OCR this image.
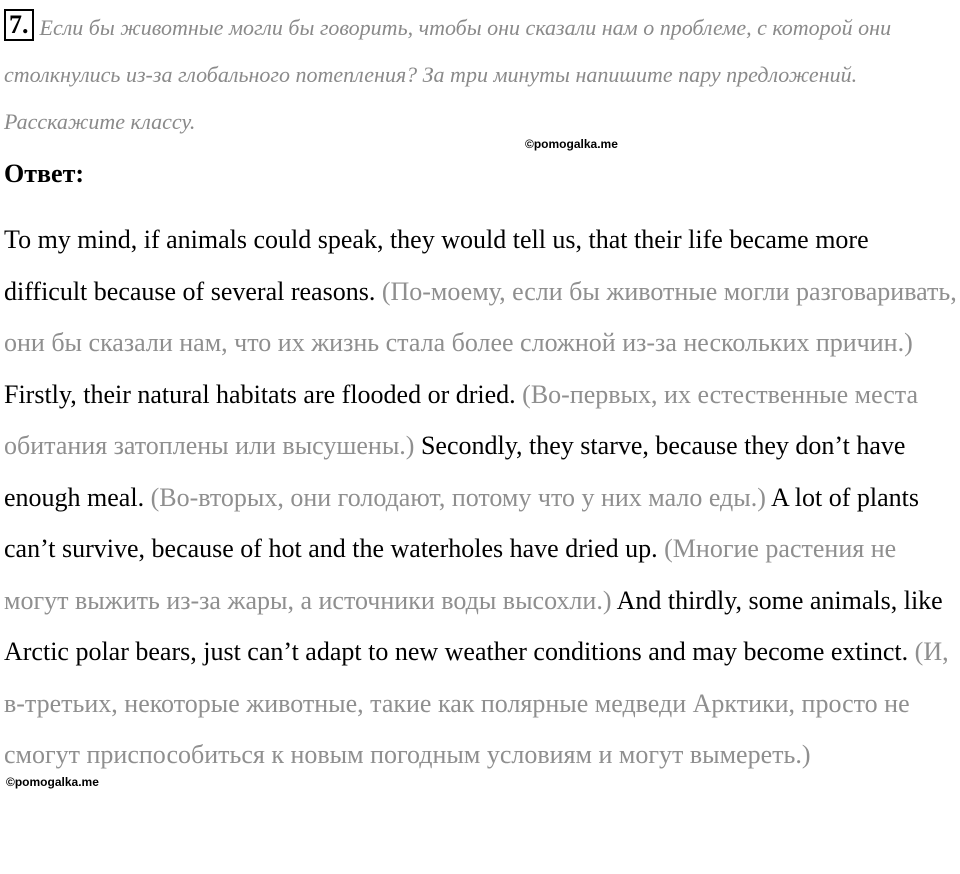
7. Если бы животные могли бы говорить, чтобы они сказали нам о проблеме, с которой они столкнулись из-за глобального потепления? За три минуты напишите пару предложений. Расскажите классу.

©pomogalka.me
Ответ:

To my mind, if animals could speak, they would tell us, that their life became more difficult because of several reasons. (По-моему, если бы животные могли разговаривать, они бы сказали нам, что их жизнь стала более сложной из-за нескольких причин.) Firstly, their natural habitats are flooded or dried. (Во-первых, их естественные места обитания затоплены или высушены.) Secondly, they starve, because they don’t have enough meal. (Во-вторых, они голодают, потому что у них мало еды.) A lot of plants can’t survive, because of hot and the waterholes have dried up. (Многие растения не могут выжить из-за жары, а источники воды высохли.) And thirdly, some animals, like Arctic polar bears, just can’t adapt to new weather conditions and may become extinct. (И, в-третьих, некоторые животные, такие как полярные медведи Арктики, просто не смогут приспособиться к новым погодным условиям и могут вымереть.)

©pomogalka.me
